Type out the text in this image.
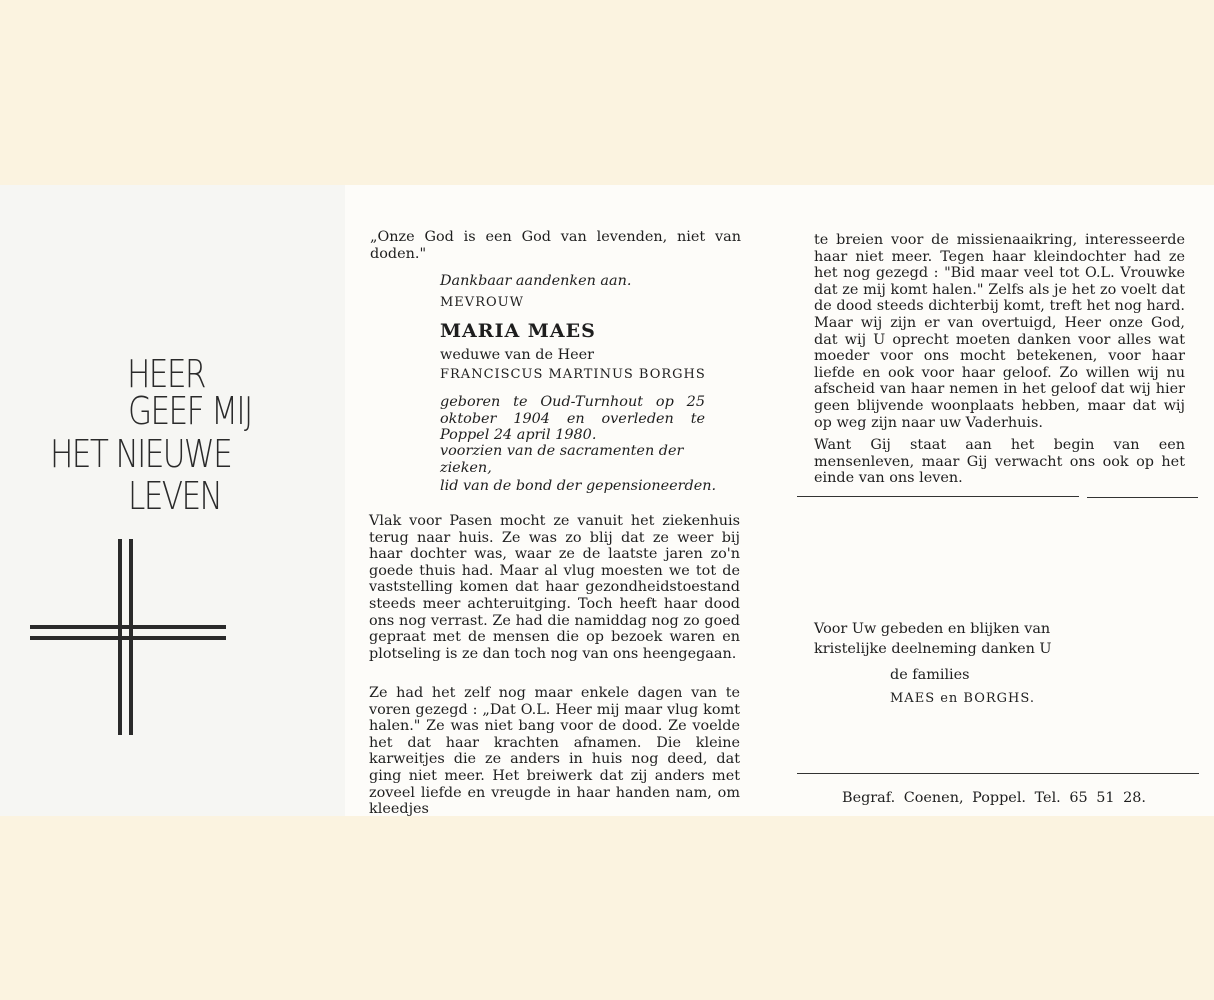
HEER
GEEF MIJ
HET NIEUWE
LEVEN
„Onze God is een God van levenden, niet van doden."
Dankbaar aandenken aan.
MEVROUW
MARIA MAES
weduwe van de Heer
FRANCISCUS MARTINUS BORGHS
geboren te Oud-Turnhout op 25 oktober 1904 en overleden te Poppel 24 april 1980.
voorzien van de sacramenten der zieken,
lid van de bond der gepensioneerden.
Vlak voor Pasen mocht ze vanuit het ziekenhuis terug naar huis. Ze was zo blij dat ze weer bij haar dochter was, waar ze de laatste jaren zo'n goede thuis had. Maar al vlug moesten we tot de vaststelling komen dat haar gezondheidstoestand steeds meer achteruitging. Toch heeft haar dood ons nog verrast. Ze had die namiddag nog zo goed gepraat met de mensen die op bezoek waren en plotseling is ze dan toch nog van ons heengegaan.
Ze had het zelf nog maar enkele dagen van te voren gezegd : „Dat O.L. Heer mij maar vlug komt halen." Ze was niet bang voor de dood. Ze voelde het dat haar krachten afnamen. Die kleine karweitjes die ze anders in huis nog deed, dat ging niet meer. Het breiwerk dat zij anders met zoveel liefde en vreugde in haar handen nam, om kleedjes
te breien voor de missienaaikring, interesseerde haar niet meer. Tegen haar kleindochter had ze het nog gezegd : "Bid maar veel tot O.L. Vrouwke dat ze mij komt halen." Zelfs als je het zo voelt dat de dood steeds dichterbij komt, treft het nog hard. Maar wij zijn er van overtuigd, Heer onze God, dat wij U oprecht moeten danken voor alles wat moeder voor ons mocht betekenen, voor haar liefde en ook voor haar geloof. Zo willen wij nu afscheid van haar nemen in het geloof dat wij hier geen blijvende woonplaats hebben, maar dat wij op weg zijn naar uw Vaderhuis.
Want Gij staat aan het begin van een mensenleven, maar Gij verwacht ons ook op het einde van ons leven.
Voor Uw gebeden en blijken van
kristelijke deelneming danken U
de families
MAES en BORGHS.
Begraf. Coenen, Poppel. Tel. 65 51 28.
